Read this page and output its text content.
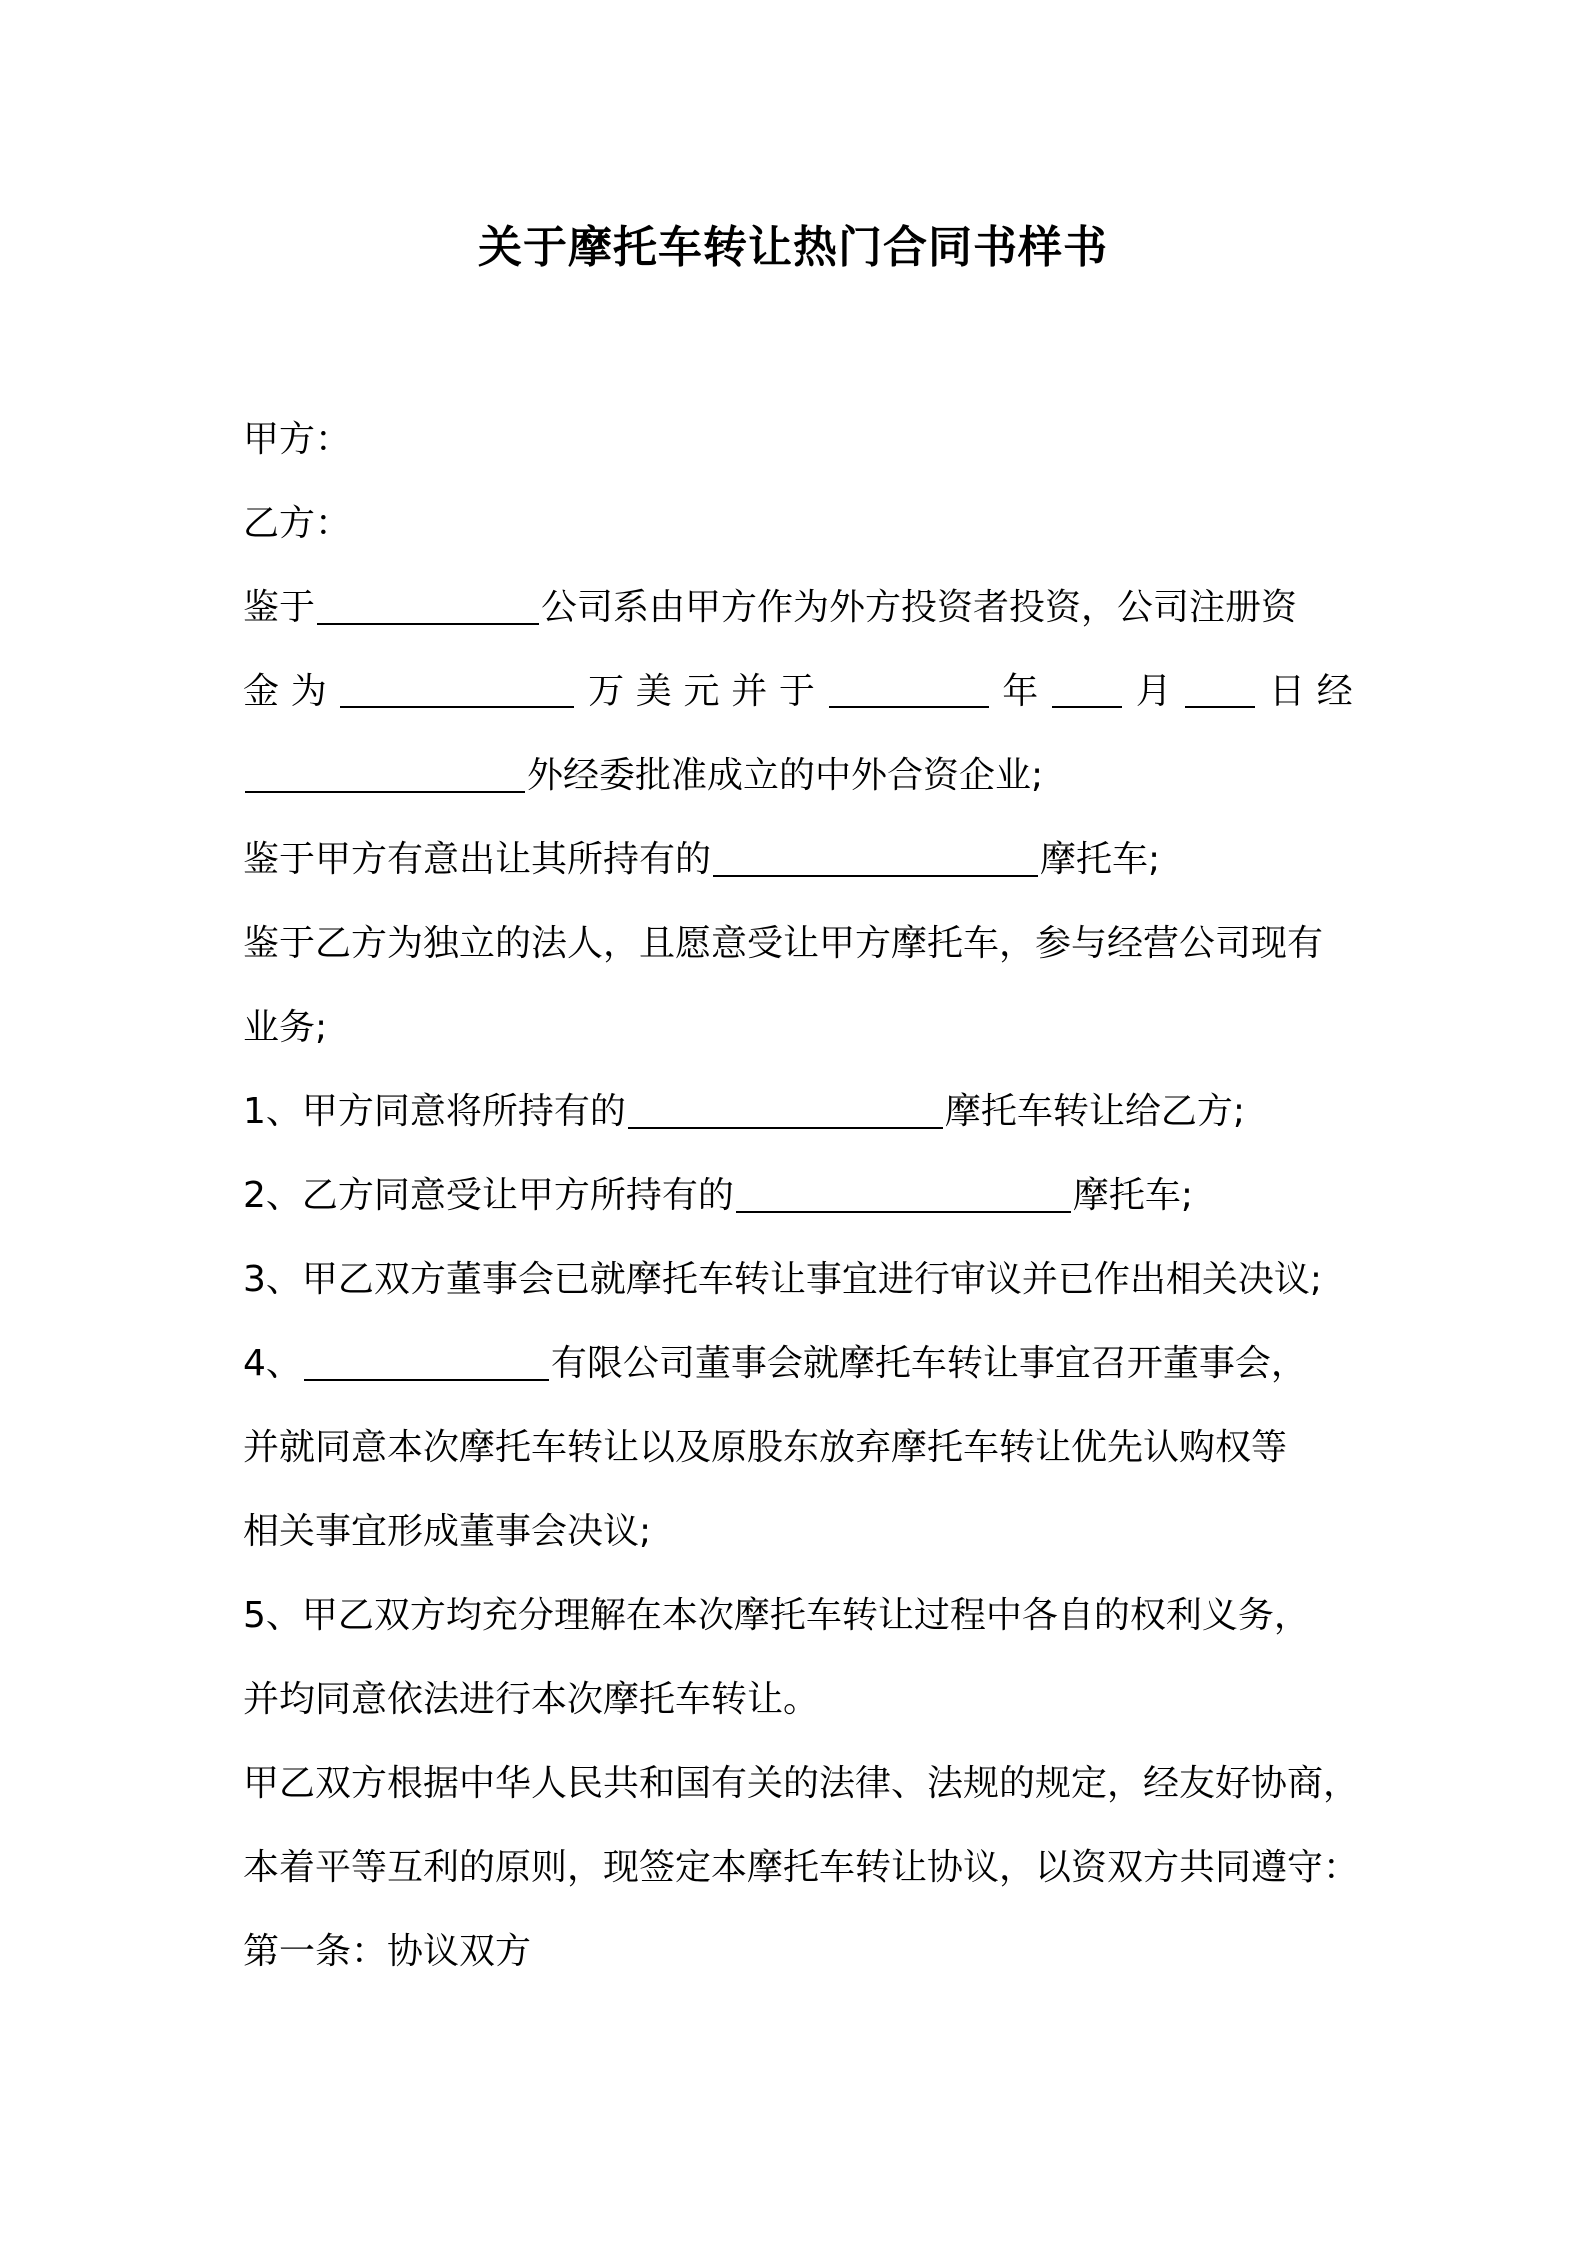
关于摩托车转让热门合同书样书
甲方：
乙方：
鉴于	公司系由甲方作为外方投资者投资，公司注册资
金 为	万 美 元 并 于	年	月	日 经
外经委批准成立的中外合资企业;
鉴于甲方有意出让其所持有的	摩托车;
鉴于乙方为独立的法人，且愿意受让甲方摩托车，参与经营公司现有
业务;
1、甲方同意将所持有的	摩托车转让给乙方;
2、乙方同意受让甲方所持有的	摩托车;
3、甲乙双方董事会已就摩托车转让事宜进行审议并已作出相关决议;
4、	有限公司董事会就摩托车转让事宜召开董事会，
并就同意本次摩托车转让以及原股东放弃摩托车转让优先认购权等
相关事宜形成董事会决议;
5、甲乙双方均充分理解在本次摩托车转让过程中各自的权利义务，
并均同意依法进行本次摩托车转让。
甲乙双方根据中华人民共和国有关的法律、法规的规定，经友好协商，
本着平等互利的原则，现签定本摩托车转让协议，以资双方共同遵守：
第一条：协议双方
